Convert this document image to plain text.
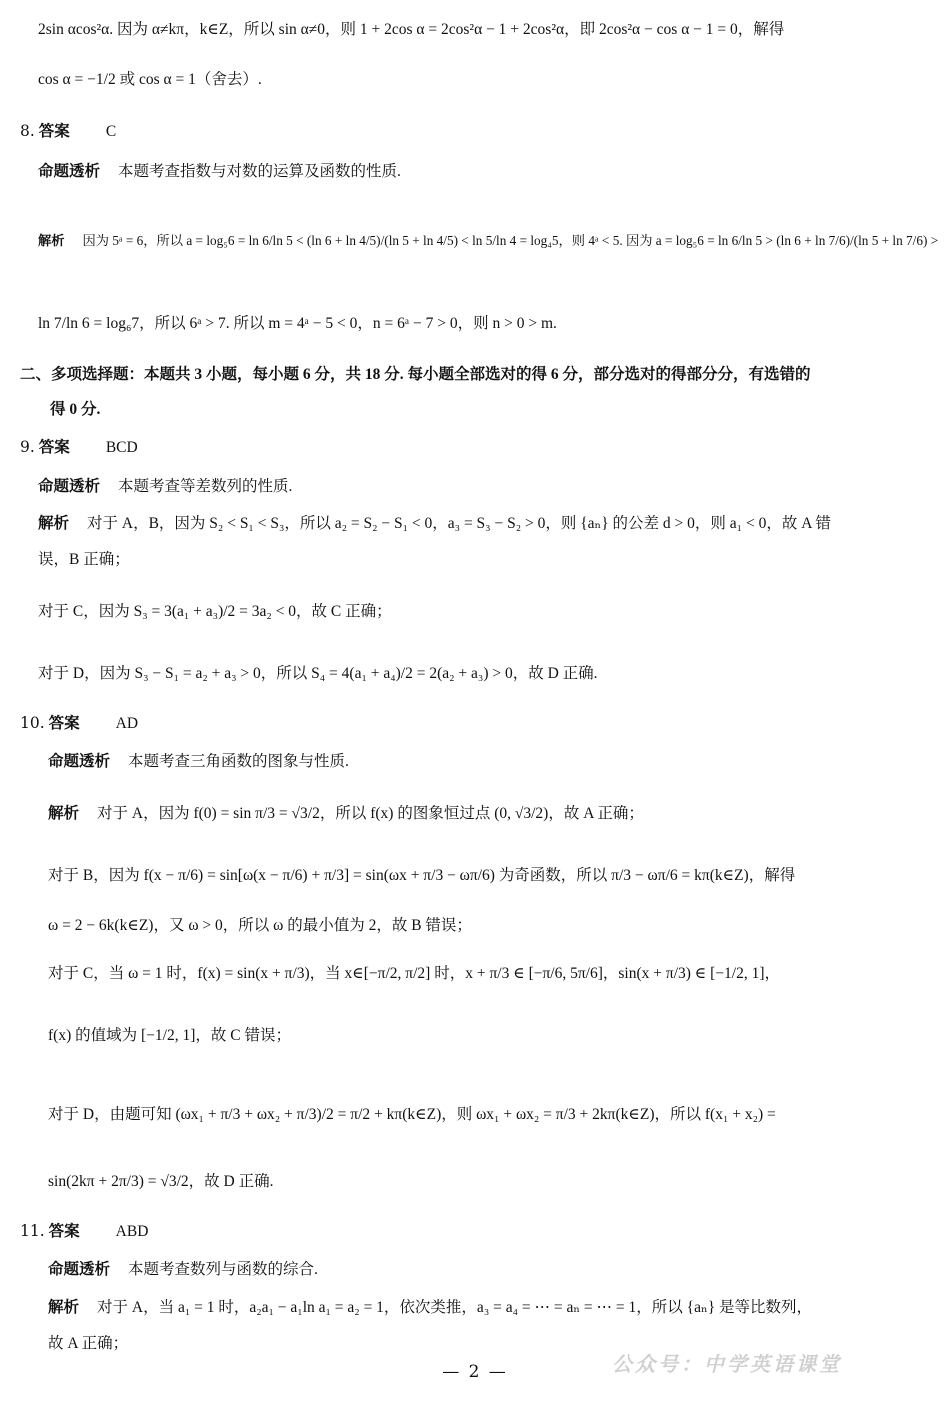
2sin αcos²α. 因为 α≠kπ，k∈Z，所以 sin α≠0，则 1 + 2cos α = 2cos²α − 1 + 2cos²α，即 2cos²α − cos α − 1 = 0，解得
cos α = −1/2 或 cos α = 1（舍去）.
8. 答案 C
命题透析 本题考查指数与对数的运算及函数的性质.
解析 因为 5ᵃ = 6，所以 a = log₅6 = ln 6/ln 5 < (ln 6 + ln 4/5)/(ln 5 + ln 4/5) < ln 5/ln 4 = log₄5，则 4ᵃ < 5. 因为 a = log₅6 = ln 6/ln 5 > (ln 6 + ln 7/6)/(ln 5 + ln 7/6) >
ln 7/ln 6 = log₆7，所以 6ᵃ > 7. 所以 m = 4ᵃ − 5 < 0，n = 6ᵃ − 7 > 0，则 n > 0 > m.
二、多项选择题：本题共 3 小题，每小题 6 分，共 18 分. 每小题全部选对的得 6 分，部分选对的得部分分，有选错的
得 0 分.
9. 答案 BCD
命题透析 本题考查等差数列的性质.
解析 对于 A，B，因为 S₂ < S₁ < S₃，所以 a₂ = S₂ − S₁ < 0，a₃ = S₃ − S₂ > 0，则 {aₙ} 的公差 d > 0，则 a₁ < 0，故 A 错
误，B 正确；
对于 C，因为 S₃ = 3(a₁ + a₃)/2 = 3a₂ < 0，故 C 正确；
对于 D，因为 S₃ − S₁ = a₂ + a₃ > 0，所以 S₄ = 4(a₁ + a₄)/2 = 2(a₂ + a₃) > 0，故 D 正确.
10. 答案 AD
命题透析 本题考查三角函数的图象与性质.
解析 对于 A，因为 f(0) = sin π/3 = √3/2，所以 f(x) 的图象恒过点 (0, √3/2)，故 A 正确；
对于 B，因为 f(x − π/6) = sin[ω(x − π/6) + π/3] = sin(ωx + π/3 − ωπ/6) 为奇函数，所以 π/3 − ωπ/6 = kπ(k∈Z)，解得
ω = 2 − 6k(k∈Z)，又 ω > 0，所以 ω 的最小值为 2，故 B 错误；
对于 C，当 ω = 1 时，f(x) = sin(x + π/3)，当 x∈[−π/2, π/2] 时，x + π/3 ∈ [−π/6, 5π/6]，sin(x + π/3) ∈ [−1/2, 1]，
f(x) 的值域为 [−1/2, 1]，故 C 错误；
对于 D，由题可知 (ωx₁ + π/3 + ωx₂ + π/3)/2 = π/2 + kπ(k∈Z)，则 ωx₁ + ωx₂ = π/3 + 2kπ(k∈Z)，所以 f(x₁ + x₂) =
sin(2kπ + 2π/3) = √3/2，故 D 正确.
11. 答案 ABD
命题透析 本题考查数列与函数的综合.
解析 对于 A，当 a₁ = 1 时，a₂a₁ − a₁ln a₁ = a₂ = 1，依次类推，a₃ = a₄ = ⋯ = aₙ = ⋯ = 1，所以 {aₙ} 是等比数列，
故 A 正确；
— 2 —	公众号：中学英语课堂
